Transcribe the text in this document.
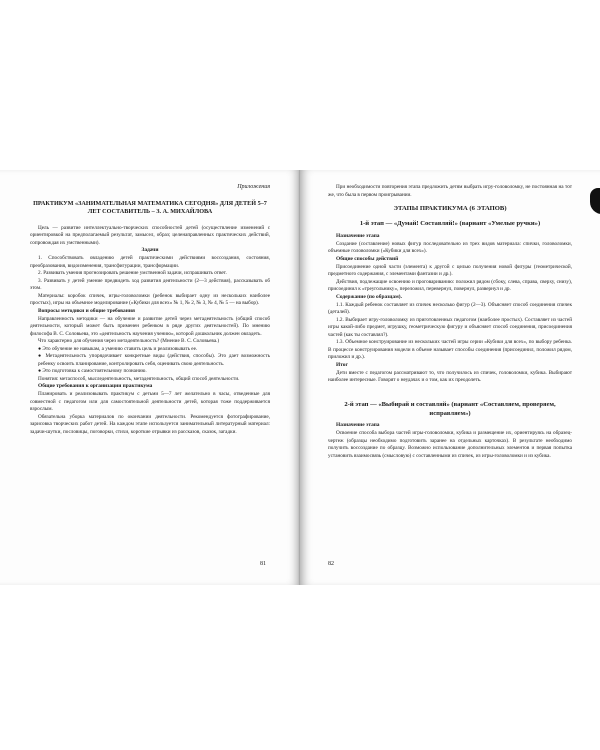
Приложения
ПРАКТИКУМ «ЗАНИМАТЕЛЬНАЯ МАТЕМАТИКА СЕГОДНЯ» ДЛЯ ДЕТЕЙ 5–7 ЛЕТ СОСТАВИТЕЛЬ – З. А. МИХАЙЛОВА

Цель — развитие интеллектуально-творческих способностей детей (осуществление изменений с ориентировкой на предполагаемый результат, замысел, образ; целенаправленных практических действий, сопровождая их умственными).

Задачи

1. Способствовать овладению детей практическими действиями воссоздания, состояния, преобразования, видоизменения, трансфигурации, трансформации.

2. Развивать умения прогнозировать решение умственной задачи, испрашивать ответ.

3. Развивать у детей умение предвидеть ход развития деятельности (2—3 действия), рассказывать об этом.

Материалы: коробок спичек, игры-головоломки (ребенок выбирает одну из нескольких наиболее простых), игры на объемное моделирование («Кубики для всех» № 1, № 2, № 3, № 4, № 5 — на выбор).

Вопросы методики и общие требования

Направленность методики — на обучение и развитие детей через метадеятельность (общий способ деятельности, который может быть применен ребенком в ряде других деятельностей). По мнению философа В. С. Соловьева, это «деятельность научения учению», которой дошкольник должен овладеть.

Что характерно для обучения через метадеятельность? (Мнение В. С. Соловьева.)

● Это обучение не навыкам, а умению ставить цель и реализовывать ее.

● Метадеятельность упорядочивает конкретные виды (действия, способы). Это дает возможность ребенку освоить планирование, контролировать себя, оценивать свою деятельность.

● Это подготовка к самостоятельному познанию.

Понятия: метаспособ, мыследеятельность, метадеятельность, общий способ деятельности.

Общие требования к организации практикума

Планировать и реализовывать практикум с детьми 5—7 лет желательно в часы, отведенные для совместной с педагогом или для самостоятельной деятельности детей, которая тоже поддерживается взрослым.

Обязательна уборка материалов по окончании деятельности. Рекомендуется фотографирование, зарисовка творческих работ детей. На каждом этапе используется занимательный литературный материал: задачи-шутки, пословицы, поговорки, стихи, короткие отрывки из рассказов, сказок, загадки.

81

При необходимости повторения этапа предложить детям выбрать игру-головоломку, не постоянная на тот же, что была в первом проигрывании.

ЭТАПЫ ПРАКТИКУМА (6 ЭТАПОВ)
1-й этап — «Думай! Составляй!» (вариант «Умелые ручки»)
Назначение этапа

Создание (составление) новых фигур последовательно из трех видов материала: спички, головоломки, объемные головоломки («Кубики для всех»).

Общие способы действий

Присоединение одной части (элемента) к другой с целью получения новой фигуры (геометрической, предметного содержания, с элементами фантазии и др.).

Действия, подлежащие освоению и проговариванию: положил рядом (сбоку, слева, справа, сверху, снизу), присоединил к «треугольнику», переложил, перевернул, повернул, развернул и др.

Содержание (по образцам).

1.1. Каждый ребенок составляет из спичек несколько фигур (2—3). Объясняет способ соединения спичек (деталей).

1.2. Выбирает игру-головоломку из приготовленных педагогом (наиболее простых). Составляет из частей игры какой-либо предмет, игрушку, геометрическую фигуру и объясняет способ соединения, присоединения частей (как ты составлял?).

1.3. Объемное конструирование из нескольких частей игры серии «Кубики для всех», по выбору ребенка. В процессе конструирования модели в объеме называет способы соединения (присоединил, положил рядом, приложил и др.).

Итог

Дети вместе с педагогом рассматривают то, что получилось из спичек, головоломки, кубика. Выбирают наиболее интересные. Говорят о неудачах и о том, как их преодолеть.

2-й этап — «Выбирай и составляй» (вариант «Составляем, проверяем, исправляем»)
Назначение этапа

Освоение способа выбора частей игры-головоломки, кубика и размещение их, ориентируясь на образец-чертеж (образцы необходимо подготовить заранее на отдельных карточках). В результате необходимо получить воссоздание по образцу. Возможно использование дополнительных элементов и первая попытка установить взаимосвязь (смысловую) с составленными из спичек, из игры-головоломки и из кубика.

82
